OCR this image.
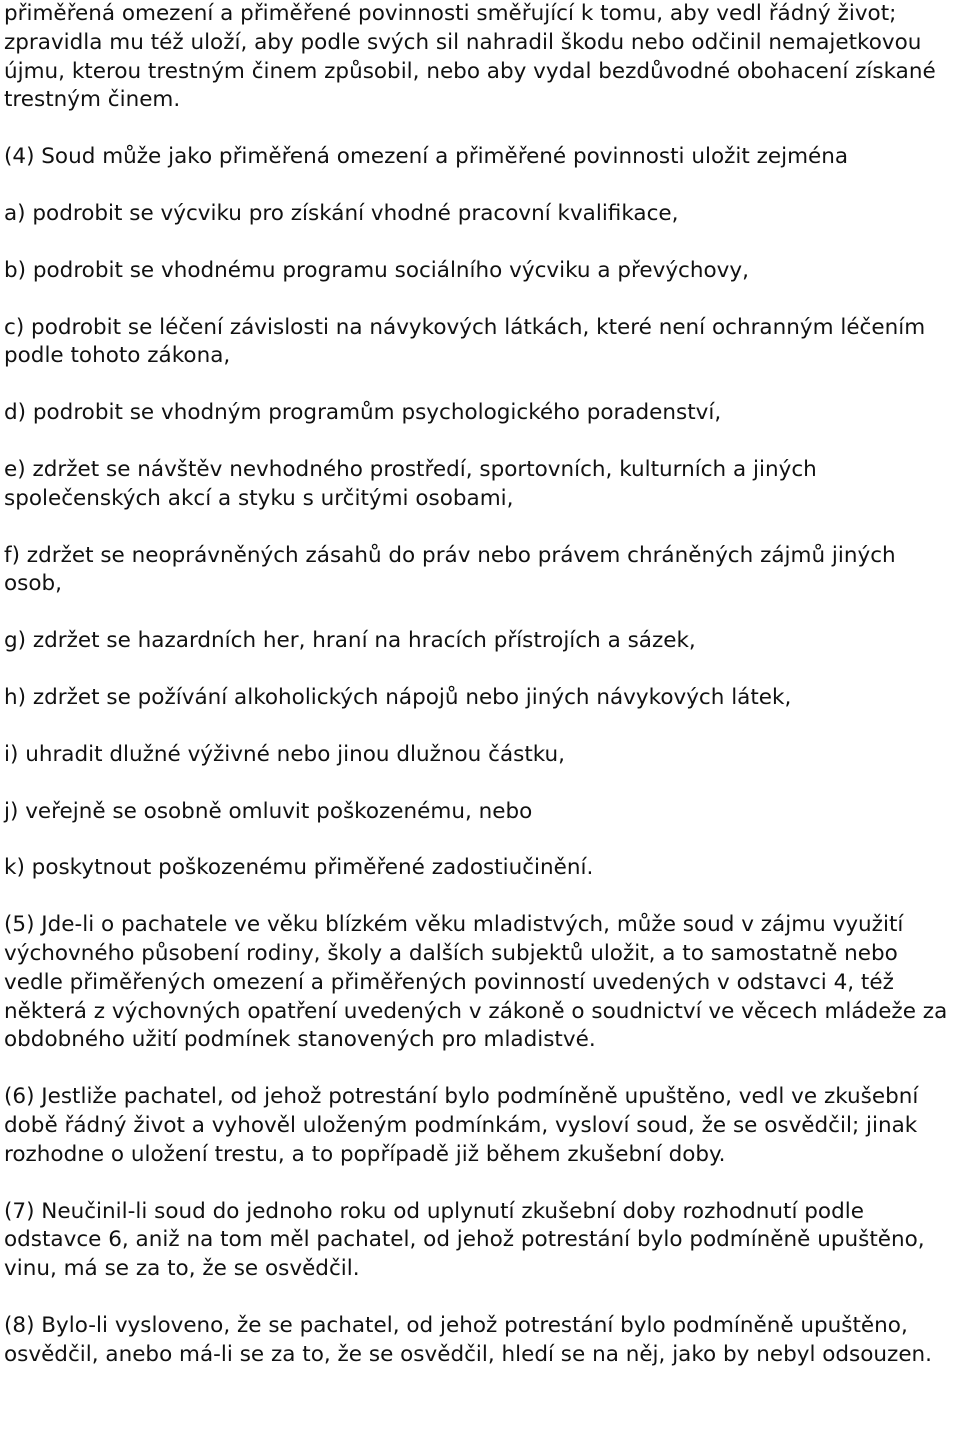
přiměřená omezení a přiměřené povinnosti směřující k tomu, aby vedl řádný život; zpravidla mu též uloží, aby podle svých sil nahradil škodu nebo odčinil nemajetkovou újmu, kterou trestným činem způsobil, nebo aby vydal bezdůvodné obohacení získané trestným činem.

(4) Soud může jako přiměřená omezení a přiměřené povinnosti uložit zejména

a) podrobit se výcviku pro získání vhodné pracovní kvalifikace,

b) podrobit se vhodnému programu sociálního výcviku a převýchovy,

c) podrobit se léčení závislosti na návykových látkách, které není ochranným léčením podle tohoto zákona,

d) podrobit se vhodným programům psychologického poradenství,

e) zdržet se návštěv nevhodného prostředí, sportovních, kulturních a jiných společenských akcí a styku s určitými osobami,

f) zdržet se neoprávněných zásahů do práv nebo právem chráněných zájmů jiných osob,

g) zdržet se hazardních her, hraní na hracích přístrojích a sázek,

h) zdržet se požívání alkoholických nápojů nebo jiných návykových látek,

i) uhradit dlužné výživné nebo jinou dlužnou částku,

j) veřejně se osobně omluvit poškozenému, nebo

k) poskytnout poškozenému přiměřené zadostiučinění.

(5) Jde-li o pachatele ve věku blízkém věku mladistvých, může soud v zájmu využití výchovného působení rodiny, školy a dalších subjektů uložit, a to samostatně nebo vedle přiměřených omezení a přiměřených povinností uvedených v odstavci 4, též některá z výchovných opatření uvedených v zákoně o soudnictví ve věcech mládeže za obdobného užití podmínek stanovených pro mladistvé.

(6) Jestliže pachatel, od jehož potrestání bylo podmíněně upuštěno, vedl ve zkušební době řádný život a vyhověl uloženým podmínkám, vysloví soud, že se osvědčil; jinak rozhodne o uložení trestu, a to popřípadě již během zkušební doby.

(7) Neučinil-li soud do jednoho roku od uplynutí zkušební doby rozhodnutí podle odstavce 6, aniž na tom měl pachatel, od jehož potrestání bylo podmíněně upuštěno, vinu, má se za to, že se osvědčil.

(8) Bylo-li vysloveno, že se pachatel, od jehož potrestání bylo podmíněně upuštěno, osvědčil, anebo má-li se za to, že se osvědčil, hledí se na něj, jako by nebyl odsouzen.
